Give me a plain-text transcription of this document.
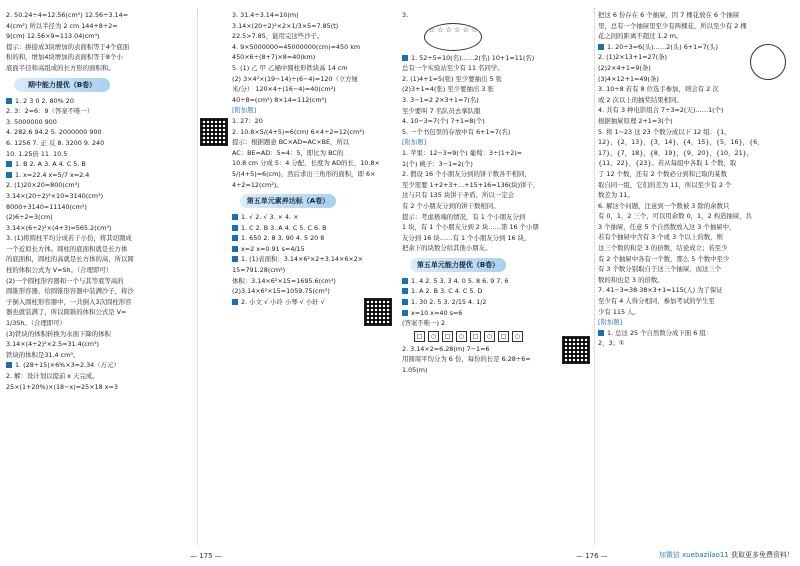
2. 50.24÷4=12.56(cm²) 12.56÷3.14=
4(cm²) 所以半径为 2 cm 144+8÷2=
9(cm) 12.56×9=113.04(cm³)
提示：拼接成3块增加的表面积等于4个底面
积的和，增加4块增加的表面积等于8个小
底面半径和高组成的长方形的面积和。
期中能力提优（B卷）
1. 2 3 0 2. 80% 20
2. 3：2=6：9（答案不唯一）
3. 5000000 900
4. 282.6 94.2 5. 2000000 900
6. 1256 7. 正 反 8. 3200 9. 240
10. 1.25倍 11. 10.5
1. B 2. A 3. A 4. C 5. B
1. x=22.4 x=5/7 x=2.4
2. (1)20×20=800(cm³)
3.14×(20÷2)²×10=3140(cm³)
8000+3140=11140(cm³)
(2)6÷2=3(cm)
3.14×(6÷2)²×(4+3)=565.2(cm³)
3. (1)将圆柱平均分成若干小份，将其切割成
一个近似长方体。圆柱的底面积就是长方体
的底面积，圆柱的高就是长方体的高，所以圆
柱的体积公式为 V=Sh。（合理即可）
(2)一个圆柱形容器和一个与其等底等高的
圆锥形容器，给圆锥形容器中装满沙子，将沙
子倒入圆柱形容器中，一共倒入3次圆柱形容
器也就装满了，所以圆锥的体积公式是 V=
1/3Sh。（合理即可）
(3)铁块的体积转换为水面下降的体积
3.14×(4÷2)²×2.5=31.4(cm³)
铁块的体积是31.4 cm³。
1. (28÷15)×6%×3=2.34（万元）
2. 解：设计划以提前 x 天完成。
25×(1+20%)×(18−x)=25×18 x=3
3. 31.4÷3.14=10(m)
3.14×(20÷2)²×2×1/3×5=7.85(t)
22.5>7.85，能用完这些沙子。
4. 9×5000000=45000000(cm)=450 km
450×6÷(8+7)×8=40(km)
5. (1) 乙 甲 乙桶中圆柱形铁块高 14 cm
(2) 3×4²×(19−14)÷(6−4)=120（立方厘
米/分） 120×4÷(16−4)=40(cm²)
40÷8=(cm²) 8×14=112(cm²)
[附加题]
1. 27：20
2. 10.8×5/(4+5)=6(cm) 6×4÷2=12(cm²)
提示：根据题意 BC×AD=AC×BE，所以
AC：BE=AD：5=4：5，即比为 BC的
10.8 cm 分成 5：4 分配，长度为 AD的长，10.8×
5/(4+5)=6(cm)，然后求出三角形的面积，即 6×
4÷2=12(cm²)。
第五单元素养达标（A卷）
1. √ 2. √ 3. × 4. ×
1. C 2. B 3. A 4. C 5. C 6. B
1. 650 2. 8 3. 90 4. 5 20 8
x=2 x=0.91 s=4/15
1. (1)表面积：3.14×6²×2+3.14×6×2×
15=791.28(cm²)
体积：3.14×6²×15=1695.6(cm³)
(2)3.14×6²×15=1059.75(cm³)
2. 小文 √ 小玲 小琴 √ 小轩 √
— 175 —
3.
☆ ☆ ☆ ☆ ☆ ☆
1. 52÷5=10(名)……2(名) 10+1=11(名)
总有一个实验站至少有 11 名同学。
2. (1)4+1=5(张) 至少要抽出 5 张
(2)3+1=4(张) 至少要抽出 3 张
3. 3−1=2 2×3+1=7(名)
至少要叫 7 名队员去拿队服
4. 10−3=7(个) 7+1=8(个)
5. 一个书包里的存放中有 6+1=7(名)
[附加题]
1. 苹果：12−3=9(个) 葡萄：3÷(1+2)=
1(个) 桃子：3−1=2(个)
2. 假设 16 个小朋友分到的饼干数各不相同，
至少需要 1+2+3+…+15+16=136(块)饼干，
这与只有 135 块饼干矛盾，所以一定会
有 2 个小朋友分到的饼干数相同。
提示：考虑极端的情况，有 1 个小朋友分到
1 块，有 1 个小朋友分到 2 块……第 16 个小朋
友分到 16 块……有 1 个小朋友分到 16 块，
把余下的块数分给其他小朋友。
第五单元能力提优（B卷）
1. 4 2. 5 3. 3 4. 0 5. 8 6. 9 7. 6
1. A 2. B 3. C 4. C 5. D
1. 30 2. 5 3. 2/15 4. 1/2
x=10 x=40 s=6
(答案不唯一) 2
□	○	□	○	□	○	□	○
2. 3.14×2=6.28(m) 7−1=6
用圆周平均分为 6 份，每份的长是 6.28÷6≈
1.05(m)
把这 6 份存在 6 个抽屉，因 7 棵花放在 6 个抽屉
里，总有一个抽屉里至少有两棵花，所以至少有 2 棵
花之间的距离不超过 1.2 m。
1. 20÷3=6(头)……2(头) 6+1=7(头)
2. (1)2×13+1=27(条)
(2)2×4+1=9(条)
(3)4×12+1=49(条)
3. 10÷8 若有 8 位选手参加，则会有 2 次
或 2 次以上的抽奖结果相同。
4. 共有 3 种电影组合 7÷3=2(天)……1(个)
根据抽屉原理 2+1=3(个)
5. 将 1~23 这 23 个数分成以下 12 组：{1，
12}，{2，13}，{3，14}，{4，15}，{5，16}，{6，
17}，{7，18}，{8，19}，{9，20}，{10，21}，
{11，22}，{23}。若从每组中各取 1 个数，取
了 12 个数，还有 2 个数必分到和已取的某数
取自同一组，它们的差为 11，所以至少有 2 个
数差为 11。
6. 解这个问题，注意到一个数被 3 除的余数只
有 0，1，2 三个，可以用余数 0，1，2 构造抽屉，共
3 个抽屉，任意 5 个自然数放入这 3 个抽屉中，
若有个抽屉中含有 3 个或 3 个以上的数，则
这三个数的和是 3 的倍数，结论成立；若至少
有 2 个抽屉中各有一个数，那么 5 个数中至少
有 3 个数分别取自于这三个抽屉，而这三个
数的和也是 3 的倍数。
7. 41−3=38 38×3+1=115(人) 为了保证
至少有 4 人得分相同，参加考试的学生至
少有 115 人。
[附加题]
1. 总这 25 个自然数分成下面 6 组：
2，3；①
— 176 —	加微信 xuebazilao11 获取更多免费资料！
